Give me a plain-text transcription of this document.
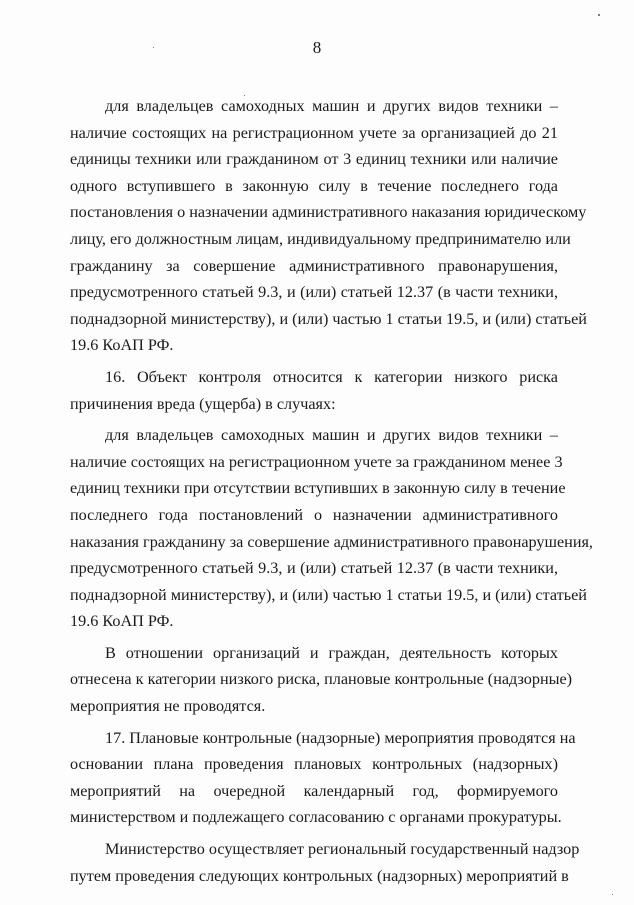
8
для владельцев самоходных машин и других видов техники –
наличие состоящих на регистрационном учете за организацией до 21
единицы техники или гражданином от 3 единиц техники или наличие
одного вступившего в законную силу в течение последнего года
постановления о назначении административного наказания юридическому
лицу, его должностным лицам, индивидуальному предпринимателю или
гражданину за совершение административного правонарушения,
предусмотренного статьей 9.3, и (или) статьей 12.37 (в части техники,
поднадзорной министерству), и (или) частью 1 статьи 19.5, и (или) статьей
19.6 КоАП РФ.
16. Объект контроля относится к категории низкого риска
причинения вреда (ущерба) в случаях:
для владельцев самоходных машин и других видов техники –
наличие состоящих на регистрационном учете за гражданином менее 3
единиц техники при отсутствии вступивших в законную силу в течение
последнего года постановлений о назначении административного
наказания гражданину за совершение административного правонарушения,
предусмотренного статьей 9.3, и (или) статьей 12.37 (в части техники,
поднадзорной министерству), и (или) частью 1 статьи 19.5, и (или) статьей
19.6 КоАП РФ.
В отношении организаций и граждан, деятельность которых
отнесена к категории низкого риска, плановые контрольные (надзорные)
мероприятия не проводятся.
17. Плановые контрольные (надзорные) мероприятия проводятся на
основании плана проведения плановых контрольных (надзорных)
мероприятий на очередной календарный год, формируемого
министерством и подлежащего согласованию с органами прокуратуры.
Министерство осуществляет региональный государственный надзор
путем проведения следующих контрольных (надзорных) мероприятий в
